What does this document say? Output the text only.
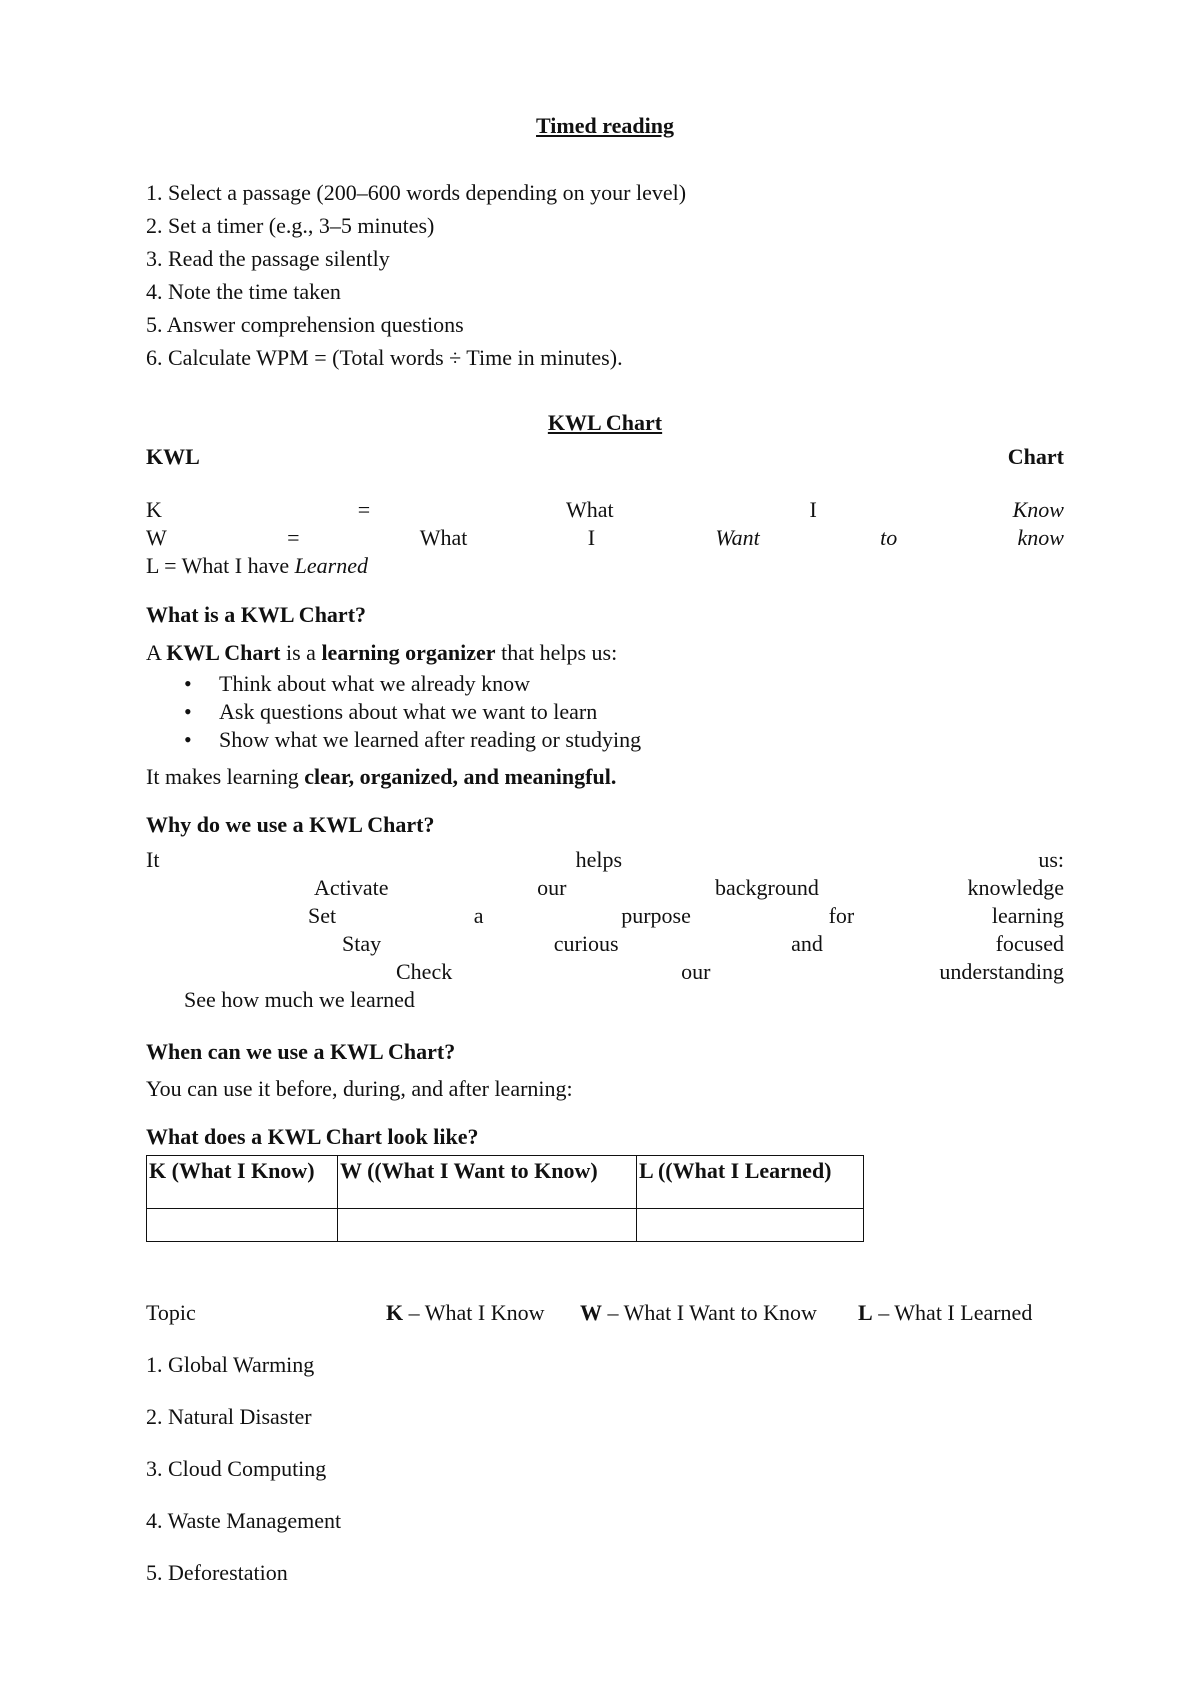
Timed reading
1. Select a passage (200–600 words depending on your level)
2. Set a timer (e.g., 3–5 minutes)
3. Read the passage silently
4. Note the time taken
5. Answer comprehension questions
6. Calculate WPM = (Total words ÷ Time in minutes).
KWL Chart
KWL	Chart
K	=	What	I	Know
W	=	What	I	Want	to	know
L = What I have Learned
What is a KWL Chart?
A KWL Chart is a learning organizer that helps us:
• Think about what we already know
• Ask questions about what we want to learn
• Show what we learned after reading or studying
It makes learning clear, organized, and meaningful.
Why do we use a KWL Chart?
It	helps	us:
Activate	our	background	knowledge
Set	a	purpose	for	learning
Stay	curious	and	focused
Check	our	understanding
See how much we learned
When can we use a KWL Chart?
You can use it before, during, and after learning:
What does a KWL Chart look like?
K (What I Know)	W ((What I Want to Know)	L ((What I Learned)

Topic	K – What I Know W – What I Want to Know L – What I Learned
1. Global Warming
2. Natural Disaster
3. Cloud Computing
4. Waste Management
5. Deforestation
